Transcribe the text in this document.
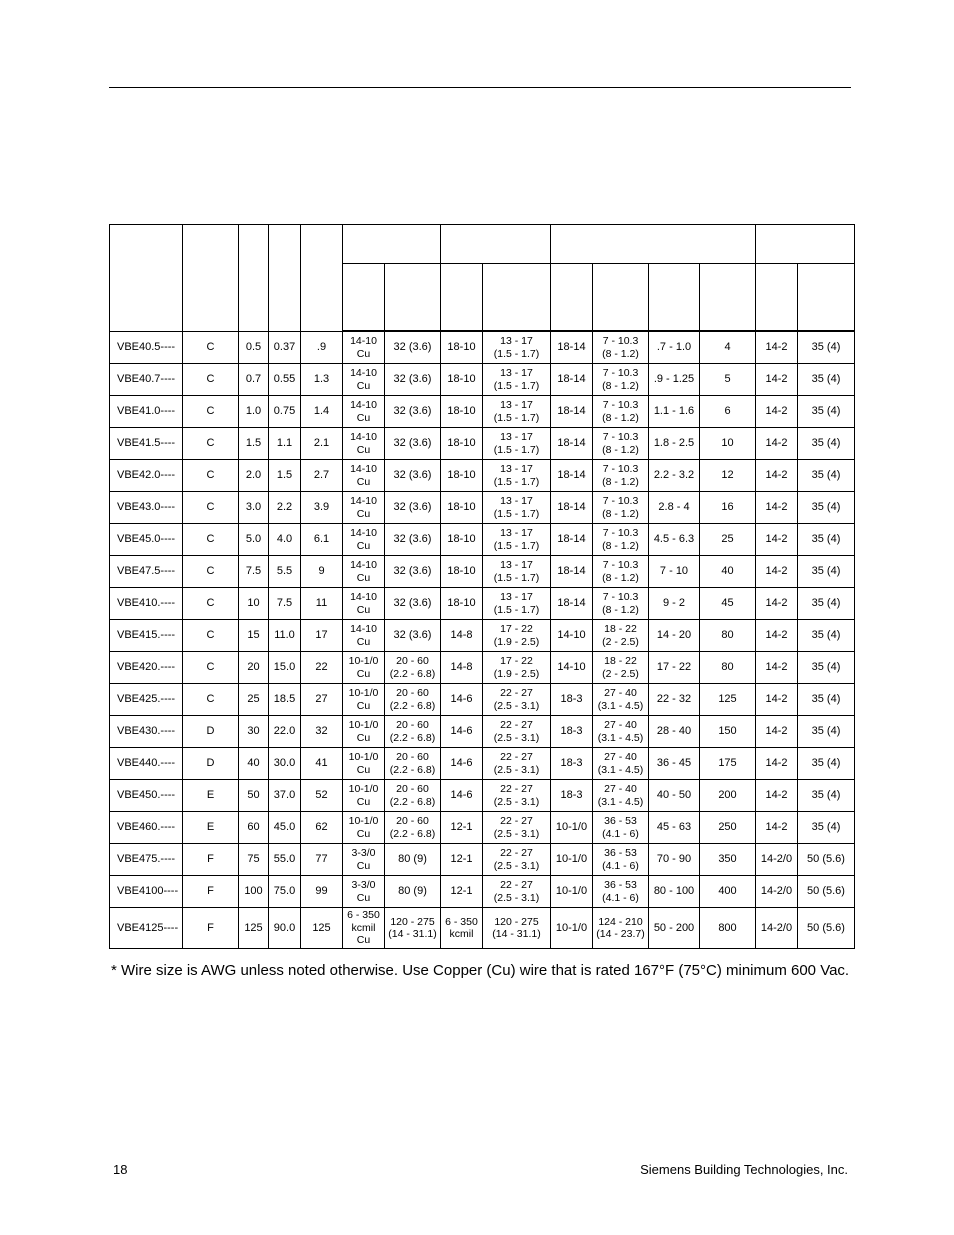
VBE40.5----	C	0.5	0.37	.9	14-10
Cu	32 (3.6)	18-10	13 - 17
(1.5 - 1.7)	18-14	7 - 10.3
(8 - 1.2)	.7 - 1.0	4	14-2	35 (4)
VBE40.7----	C	0.7	0.55	1.3	14-10
Cu	32 (3.6)	18-10	13 - 17
(1.5 - 1.7)	18-14	7 - 10.3
(8 - 1.2)	.9 - 1.25	5	14-2	35 (4)
VBE41.0----	C	1.0	0.75	1.4	14-10
Cu	32 (3.6)	18-10	13 - 17
(1.5 - 1.7)	18-14	7 - 10.3
(8 - 1.2)	1.1 - 1.6	6	14-2	35 (4)
VBE41.5----	C	1.5	1.1	2.1	14-10
Cu	32 (3.6)	18-10	13 - 17
(1.5 - 1.7)	18-14	7 - 10.3
(8 - 1.2)	1.8 - 2.5	10	14-2	35 (4)
VBE42.0----	C	2.0	1.5	2.7	14-10
Cu	32 (3.6)	18-10	13 - 17
(1.5 - 1.7)	18-14	7 - 10.3
(8 - 1.2)	2.2 - 3.2	12	14-2	35 (4)
VBE43.0----	C	3.0	2.2	3.9	14-10
Cu	32 (3.6)	18-10	13 - 17
(1.5 - 1.7)	18-14	7 - 10.3
(8 - 1.2)	2.8 - 4	16	14-2	35 (4)
VBE45.0----	C	5.0	4.0	6.1	14-10
Cu	32 (3.6)	18-10	13 - 17
(1.5 - 1.7)	18-14	7 - 10.3
(8 - 1.2)	4.5 - 6.3	25	14-2	35 (4)
VBE47.5----	C	7.5	5.5	9	14-10
Cu	32 (3.6)	18-10	13 - 17
(1.5 - 1.7)	18-14	7 - 10.3
(8 - 1.2)	7 - 10	40	14-2	35 (4)
VBE410.----	C	10	7.5	11	14-10
Cu	32 (3.6)	18-10	13 - 17
(1.5 - 1.7)	18-14	7 - 10.3
(8 - 1.2)	9 - 2	45	14-2	35 (4)
VBE415.----	C	15	11.0	17	14-10
Cu	32 (3.6)	14-8	17 - 22
(1.9 - 2.5)	14-10	18 - 22
(2 - 2.5)	14 - 20	80	14-2	35 (4)
VBE420.----	C	20	15.0	22	10-1/0
Cu	20 - 60
(2.2 - 6.8)	14-8	17 - 22
(1.9 - 2.5)	14-10	18 - 22
(2 - 2.5)	17 - 22	80	14-2	35 (4)
VBE425.----	C	25	18.5	27	10-1/0
Cu	20 - 60
(2.2 - 6.8)	14-6	22 - 27
(2.5 - 3.1)	18-3	27 - 40
(3.1 - 4.5)	22 - 32	125	14-2	35 (4)
VBE430.----	D	30	22.0	32	10-1/0
Cu	20 - 60
(2.2 - 6.8)	14-6	22 - 27
(2.5 - 3.1)	18-3	27 - 40
(3.1 - 4.5)	28 - 40	150	14-2	35 (4)
VBE440.----	D	40	30.0	41	10-1/0
Cu	20 - 60
(2.2 - 6.8)	14-6	22 - 27
(2.5 - 3.1)	18-3	27 - 40
(3.1 - 4.5)	36 - 45	175	14-2	35 (4)
VBE450.----	E	50	37.0	52	10-1/0
Cu	20 - 60
(2.2 - 6.8)	14-6	22 - 27
(2.5 - 3.1)	18-3	27 - 40
(3.1 - 4.5)	40 - 50	200	14-2	35 (4)
VBE460.----	E	60	45.0	62	10-1/0
Cu	20 - 60
(2.2 - 6.8)	12-1	22 - 27
(2.5 - 3.1)	10-1/0	36 - 53
(4.1 - 6)	45 - 63	250	14-2	35 (4)
VBE475.----	F	75	55.0	77	3-3/0
Cu	80 (9)	12-1	22 - 27
(2.5 - 3.1)	10-1/0	36 - 53
(4.1 - 6)	70 - 90	350	14-2/0	50 (5.6)
VBE4100----	F	100	75.0	99	3-3/0
Cu	80 (9)	12-1	22 - 27
(2.5 - 3.1)	10-1/0	36 - 53
(4.1 - 6)	80 - 100	400	14-2/0	50 (5.6)
VBE4125----	F	125	90.0	125	6 - 350
kcmil
Cu	120 - 275
(14 - 31.1)	6 - 350
kcmil	120 - 275
(14 - 31.1)	10-1/0	124 - 210
(14 - 23.7)	50 - 200	800	14-2/0	50 (5.6)
* Wire size is AWG unless noted otherwise. Use Copper (Cu) wire that is rated 167°F (75°C) minimum 600 Vac.
18	Siemens Building Technologies, Inc.
